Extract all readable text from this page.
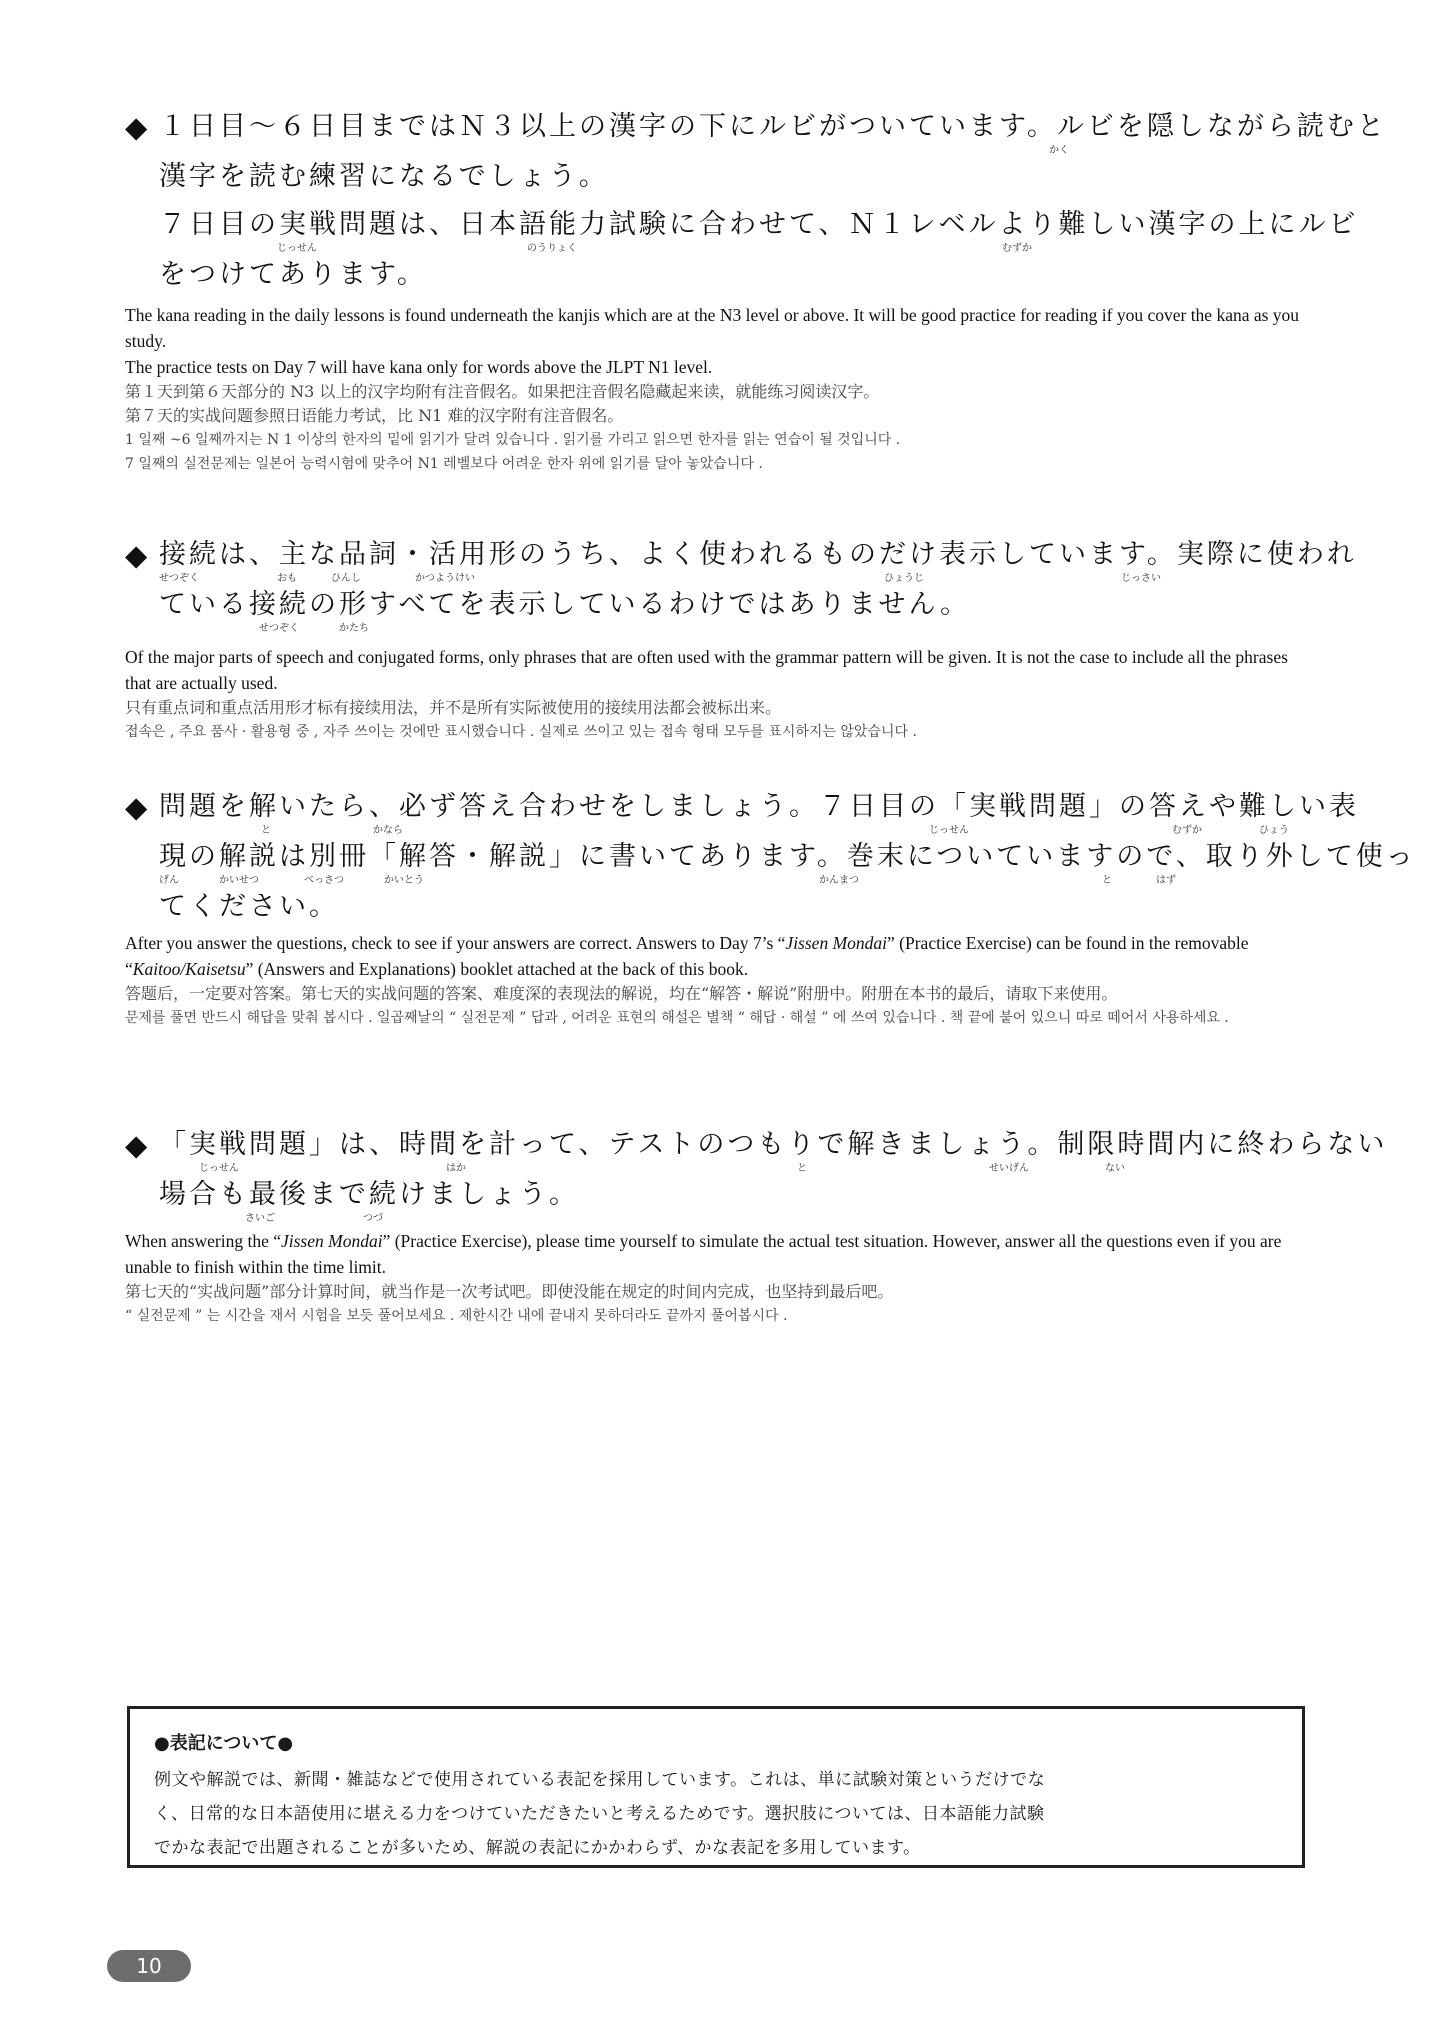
◆ １日目～６日目まではＮ３以上の漢字の下にルビがついています。ルビを隠しながら読むと
かく
漢字を読む練習になるでしょう。
７日目の実戦問題は、日本語能力試験に合わせて、Ｎ１レベルより難しい漢字の上にルビ
じっせん	のうりょく	むずか
をつけてあります。

The kana reading in the daily lessons is found underneath the kanjis which are at the N3 level or above. It will be good practice for reading if you cover the kana as you study.

The practice tests on Day 7 will have kana only for words above the JLPT N1 level.

第１天到第６天部分的 N3 以上的汉字均附有注音假名。如果把注音假名隐藏起来读，就能练习阅读汉字。

第７天的实战问题参照日语能力考试，比 N1 难的汉字附有注音假名。

1 일째 ~6 일째까지는 N 1 이상의 한자의 밑에 읽기가 달려 있습니다 . 읽기를 가리고 읽으면 한자를 읽는 연습이 될 것입니다 .

7 일째의 실전문제는 일본어 능력시험에 맞추어 N1 레벨보다 어려운 한자 위에 읽기를 달아 놓았습니다 .

◆ 接続は、主な品詞・活用形のうち、よく使われるものだけ表示しています。実際に使われ
せつぞく	おも	ひんし	かつようけい	ひょうじ	じっさい
ている接続の形すべてを表示しているわけではありません。
せつぞく	かたち

Of the major parts of speech and conjugated forms, only phrases that are often used with the grammar pattern will be given. It is not the case to include all the phrases that are actually used.

只有重点词和重点活用形才标有接续用法，并不是所有实际被使用的接续用法都会被标出来。

접속은 , 주요 품사 · 활용형 중 , 자주 쓰이는 것에만 표시했습니다 . 실제로 쓰이고 있는 접속 형태 모두를 표시하지는 않았습니다 .

◆ 問題を解いたら、必ず答え合わせをしましょう。７日目の「実戦問題」の答えや難しい表
と	かなら	じっせん	むずか	ひょう
現の解説は別冊「解答・解説」に書いてあります。巻末についていますので、取り外して使っ
げん	かいせつ	べっさつ	かいとう	かんまつ	と	はず
てください。

After you answer the questions, check to see if your answers are correct. Answers to Day 7’s “Jissen Mondai” (Practice Exercise) can be found in the removable “Kaitoo/Kaisetsu” (Answers and Explanations) booklet attached at the back of this book.

答题后，一定要对答案。第七天的实战问题的答案、难度深的表现法的解说，均在“解答・解说”附册中。附册在本书的最后，请取下来使用。

문제를 풀면 반드시 해답을 맞춰 봅시다 . 일곱째날의 “ 실전문제 ” 답과 , 어려운 표현의 해설은 별책 “ 해답 · 해설 ” 에 쓰여 있습니다 . 책 끝에 붙어 있으니 따로 떼어서 사용하세요 .

◆ 「実戦問題」は、時間を計って、テストのつもりで解きましょう。制限時間内に終わらない
じっせん	はか	と	せいげん	ない
場合も最後まで続けましょう。
さいご	つづ

When answering the “Jissen Mondai” (Practice Exercise), please time yourself to simulate the actual test situation. However, answer all the questions even if you are unable to finish within the time limit.

第七天的“实战问题”部分计算时间，就当作是一次考试吧。即使没能在规定的时间内完成，也坚持到最后吧。

“ 실전문제 ” 는 시간을 재서 시험을 보듯 풀어보세요 . 제한시간 내에 끝내지 못하더라도 끝까지 풀어봅시다 .

●表記について●

例文や解説では、新聞・雑誌などで使用されている表記を採用しています。これは、単に試験対策というだけでな

く、日常的な日本語使用に堪える力をつけていただきたいと考えるためです。選択肢については、日本語能力試験

でかな表記で出題されることが多いため、解説の表記にかかわらず、かな表記を多用しています。

10
